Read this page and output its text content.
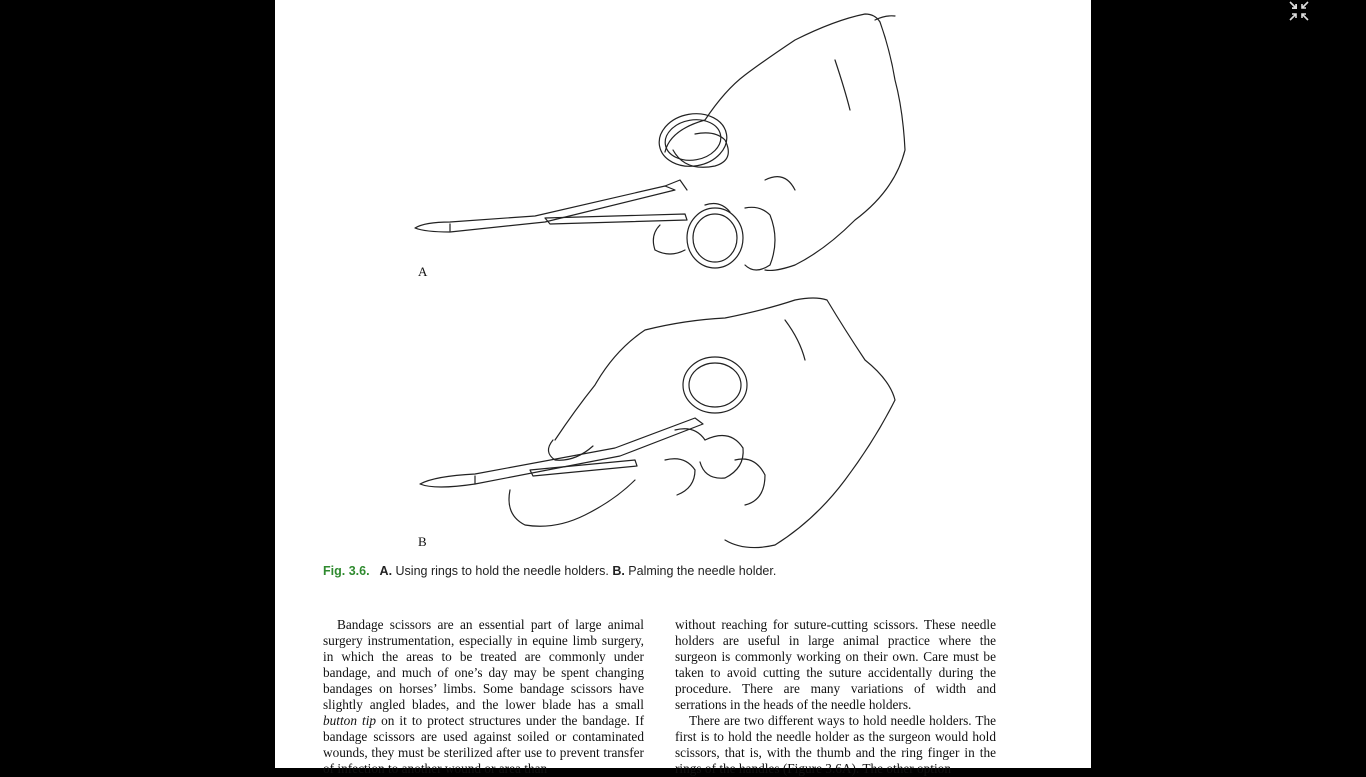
A
B
Fig. 3.6. A. Using rings to hold the needle holders. B. Palming the needle holder.

Bandage scissors are an essential part of large animal surgery instrumentation, especially in equine limb surgery, in which the areas to be treated are commonly under bandage, and much of one’s day may be spent changing bandages on horses’ limbs. Some bandage scissors have slightly angled blades, and the lower blade has a small button tip on it to protect structures under the bandage. If bandage scissors are used against soiled or contaminated wounds, they must be sterilized after use to prevent transfer of infection to another wound or area than

without reaching for suture-cutting scissors. These needle holders are useful in large animal practice where the surgeon is commonly working on their own. Care must be taken to avoid cutting the suture accidentally during the procedure. There are many variations of width and serrations in the heads of the needle holders.

There are two different ways to hold needle holders. The first is to hold the needle holder as the surgeon would hold scissors, that is, with the thumb and the ring finger in the rings of the handles (Figure 3.6A). The other option
